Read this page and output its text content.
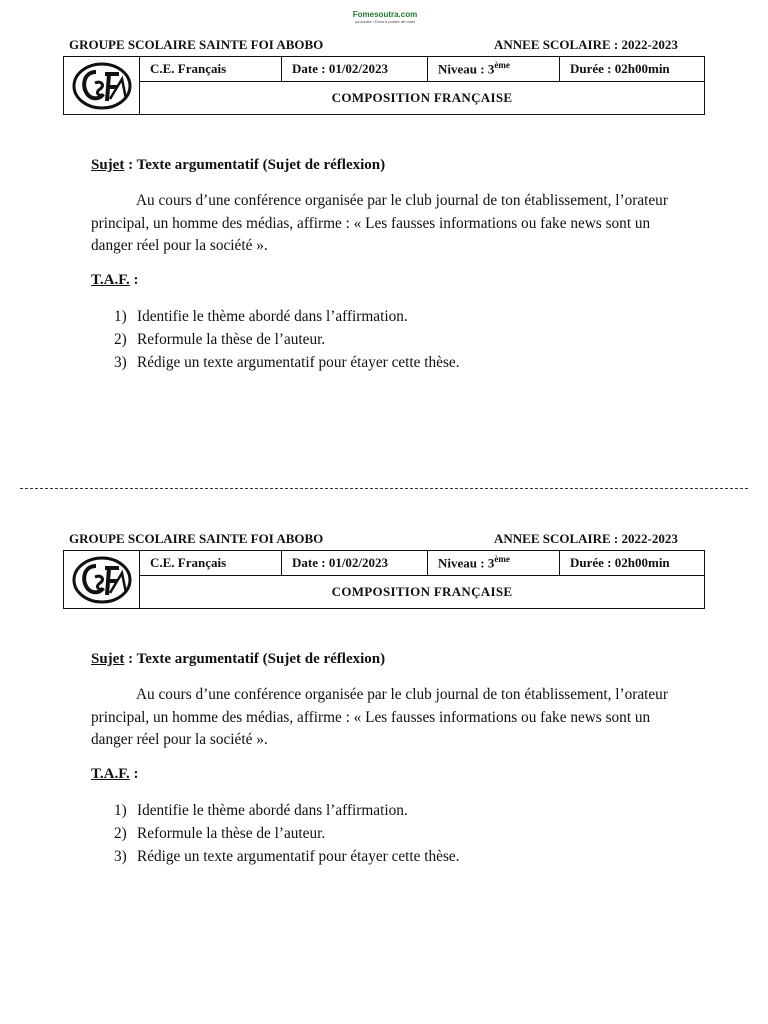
Fomesoutra.com
ça soutra ! Docs à portée de main
GROUPE SCOLAIRE SAINTE FOI ABOBO	ANNEE SCOLAIRE : 2022-2023
	C.E. Français	Date : 01/02/2023	Niveau : 3ème	Durée : 02h00min
COMPOSITION FRANÇAISE
Sujet : Texte argumentatif (Sujet de réflexion)

Au cours d’une conférence organisée par le club journal de ton établissement, l’orateur principal, un homme des médias, affirme : « Les fausses informations ou fake news sont un danger réel pour la société ».

T.A.F. :
1) Identifie le thème abordé dans l’affirmation.
2) Reformule la thèse de l’auteur.
3) Rédige un texte argumentatif pour étayer cette thèse.
GROUPE SCOLAIRE SAINTE FOI ABOBO	ANNEE SCOLAIRE : 2022-2023
	C.E. Français	Date : 01/02/2023	Niveau : 3ème	Durée : 02h00min
COMPOSITION FRANÇAISE
Sujet : Texte argumentatif (Sujet de réflexion)

Au cours d’une conférence organisée par le club journal de ton établissement, l’orateur principal, un homme des médias, affirme : « Les fausses informations ou fake news sont un danger réel pour la société ».

T.A.F. :
1) Identifie le thème abordé dans l’affirmation.
2) Reformule la thèse de l’auteur.
3) Rédige un texte argumentatif pour étayer cette thèse.
